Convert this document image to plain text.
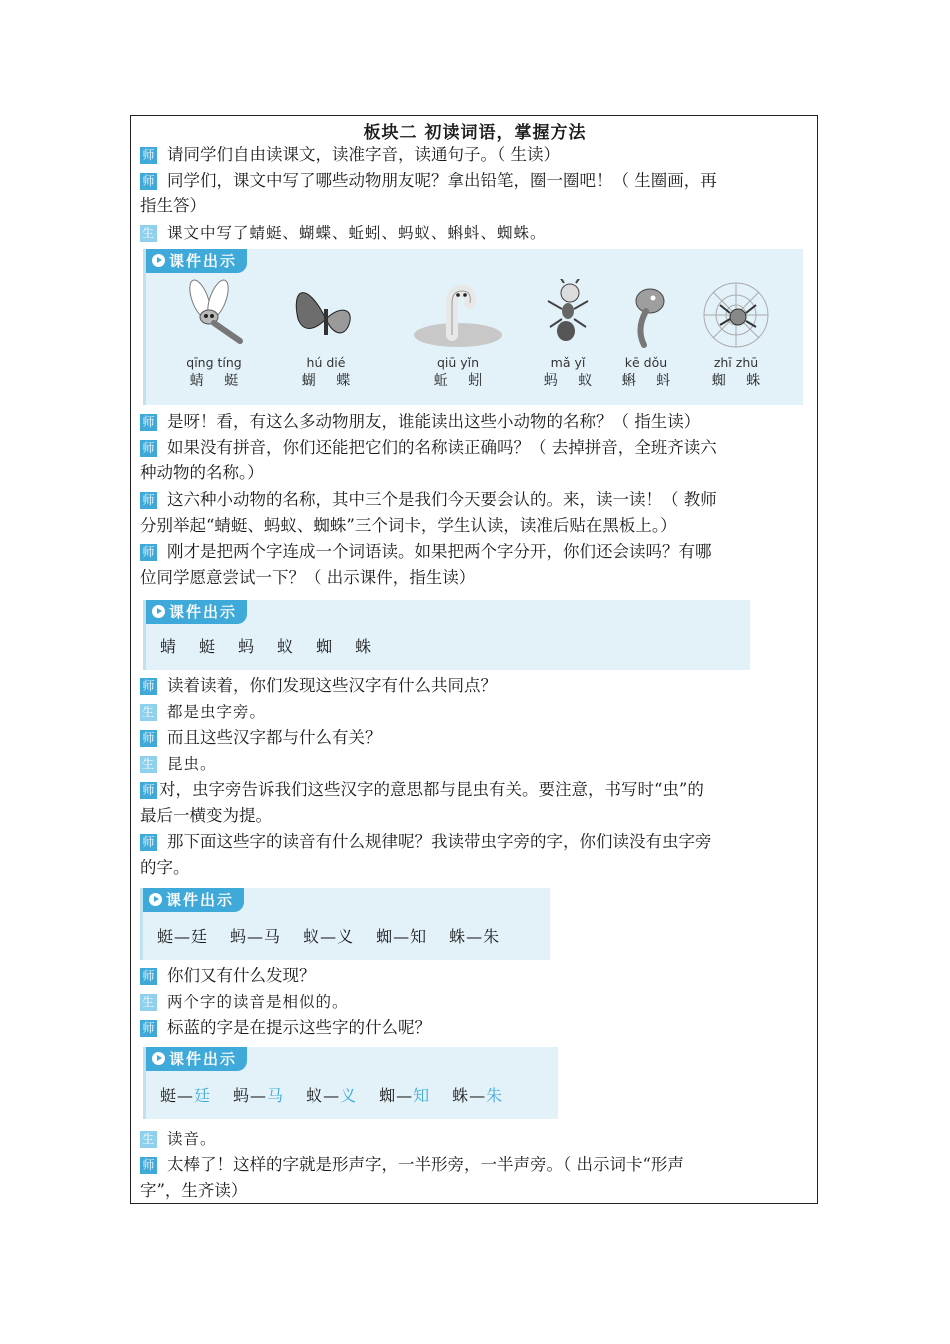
板块二 初读词语，掌握方法
师 请同学们自由读课文，读准字音，读通句子。（ 生读）
师 同学们，课文中写了哪些动物朋友呢？拿出铅笔，圈一圈吧！（ 生圈画，再
指生答）
生 课文中写了蜻蜓、蝴蝶、蚯蚓、蚂蚁、蝌蚪、蜘蛛。
课件出示
qīng tíng
蜻 蜓
hú dié
蝴 蝶
qiū yǐn
蚯 蚓
mǎ yǐ
蚂 蚁
kē dǒu
蝌 蚪
zhī zhū
蜘 蛛
师 是呀！看，有这么多动物朋友，谁能读出这些小动物的名称？（ 指生读）
师 如果没有拼音，你们还能把它们的名称读正确吗？（ 去掉拼音，全班齐读六
种动物的名称。）
师 这六种小动物的名称，其中三个是我们今天要会认的。来，读一读！（ 教师
分别举起“蜻蜓、蚂蚁、蜘蛛”三个词卡，学生认读，读准后贴在黑板上。）
师 刚才是把两个字连成一个词语读。如果把两个字分开，你们还会读吗？有哪
位同学愿意尝试一下？（ 出示课件，指生读）
课件出示
蜻 蜓 蚂 蚁 蜘 蛛
师 读着读着，你们发现这些汉字有什么共同点？
生 都是虫字旁。
师 而且这些汉字都与什么有关？
生 昆虫。
师 对，虫字旁告诉我们这些汉字的意思都与昆虫有关。要注意，书写时“虫”的
最后一横变为提。
师 那下面这些字的读音有什么规律呢？我读带虫字旁的字，你们读没有虫字旁
的字。
课件出示
蜓—廷 蚂—马 蚁—义 蜘—知 蛛—朱
师 你们又有什么发现？
生 两个字的读音是相似的。
师 标蓝的字是在提示这些字的什么呢？
课件出示
蜓—廷 蚂—马 蚁—义 蜘—知 蛛—朱
生 读音。
师 太棒了！这样的字就是形声字，一半形旁，一半声旁。（ 出示词卡“形声
字”，生齐读）
